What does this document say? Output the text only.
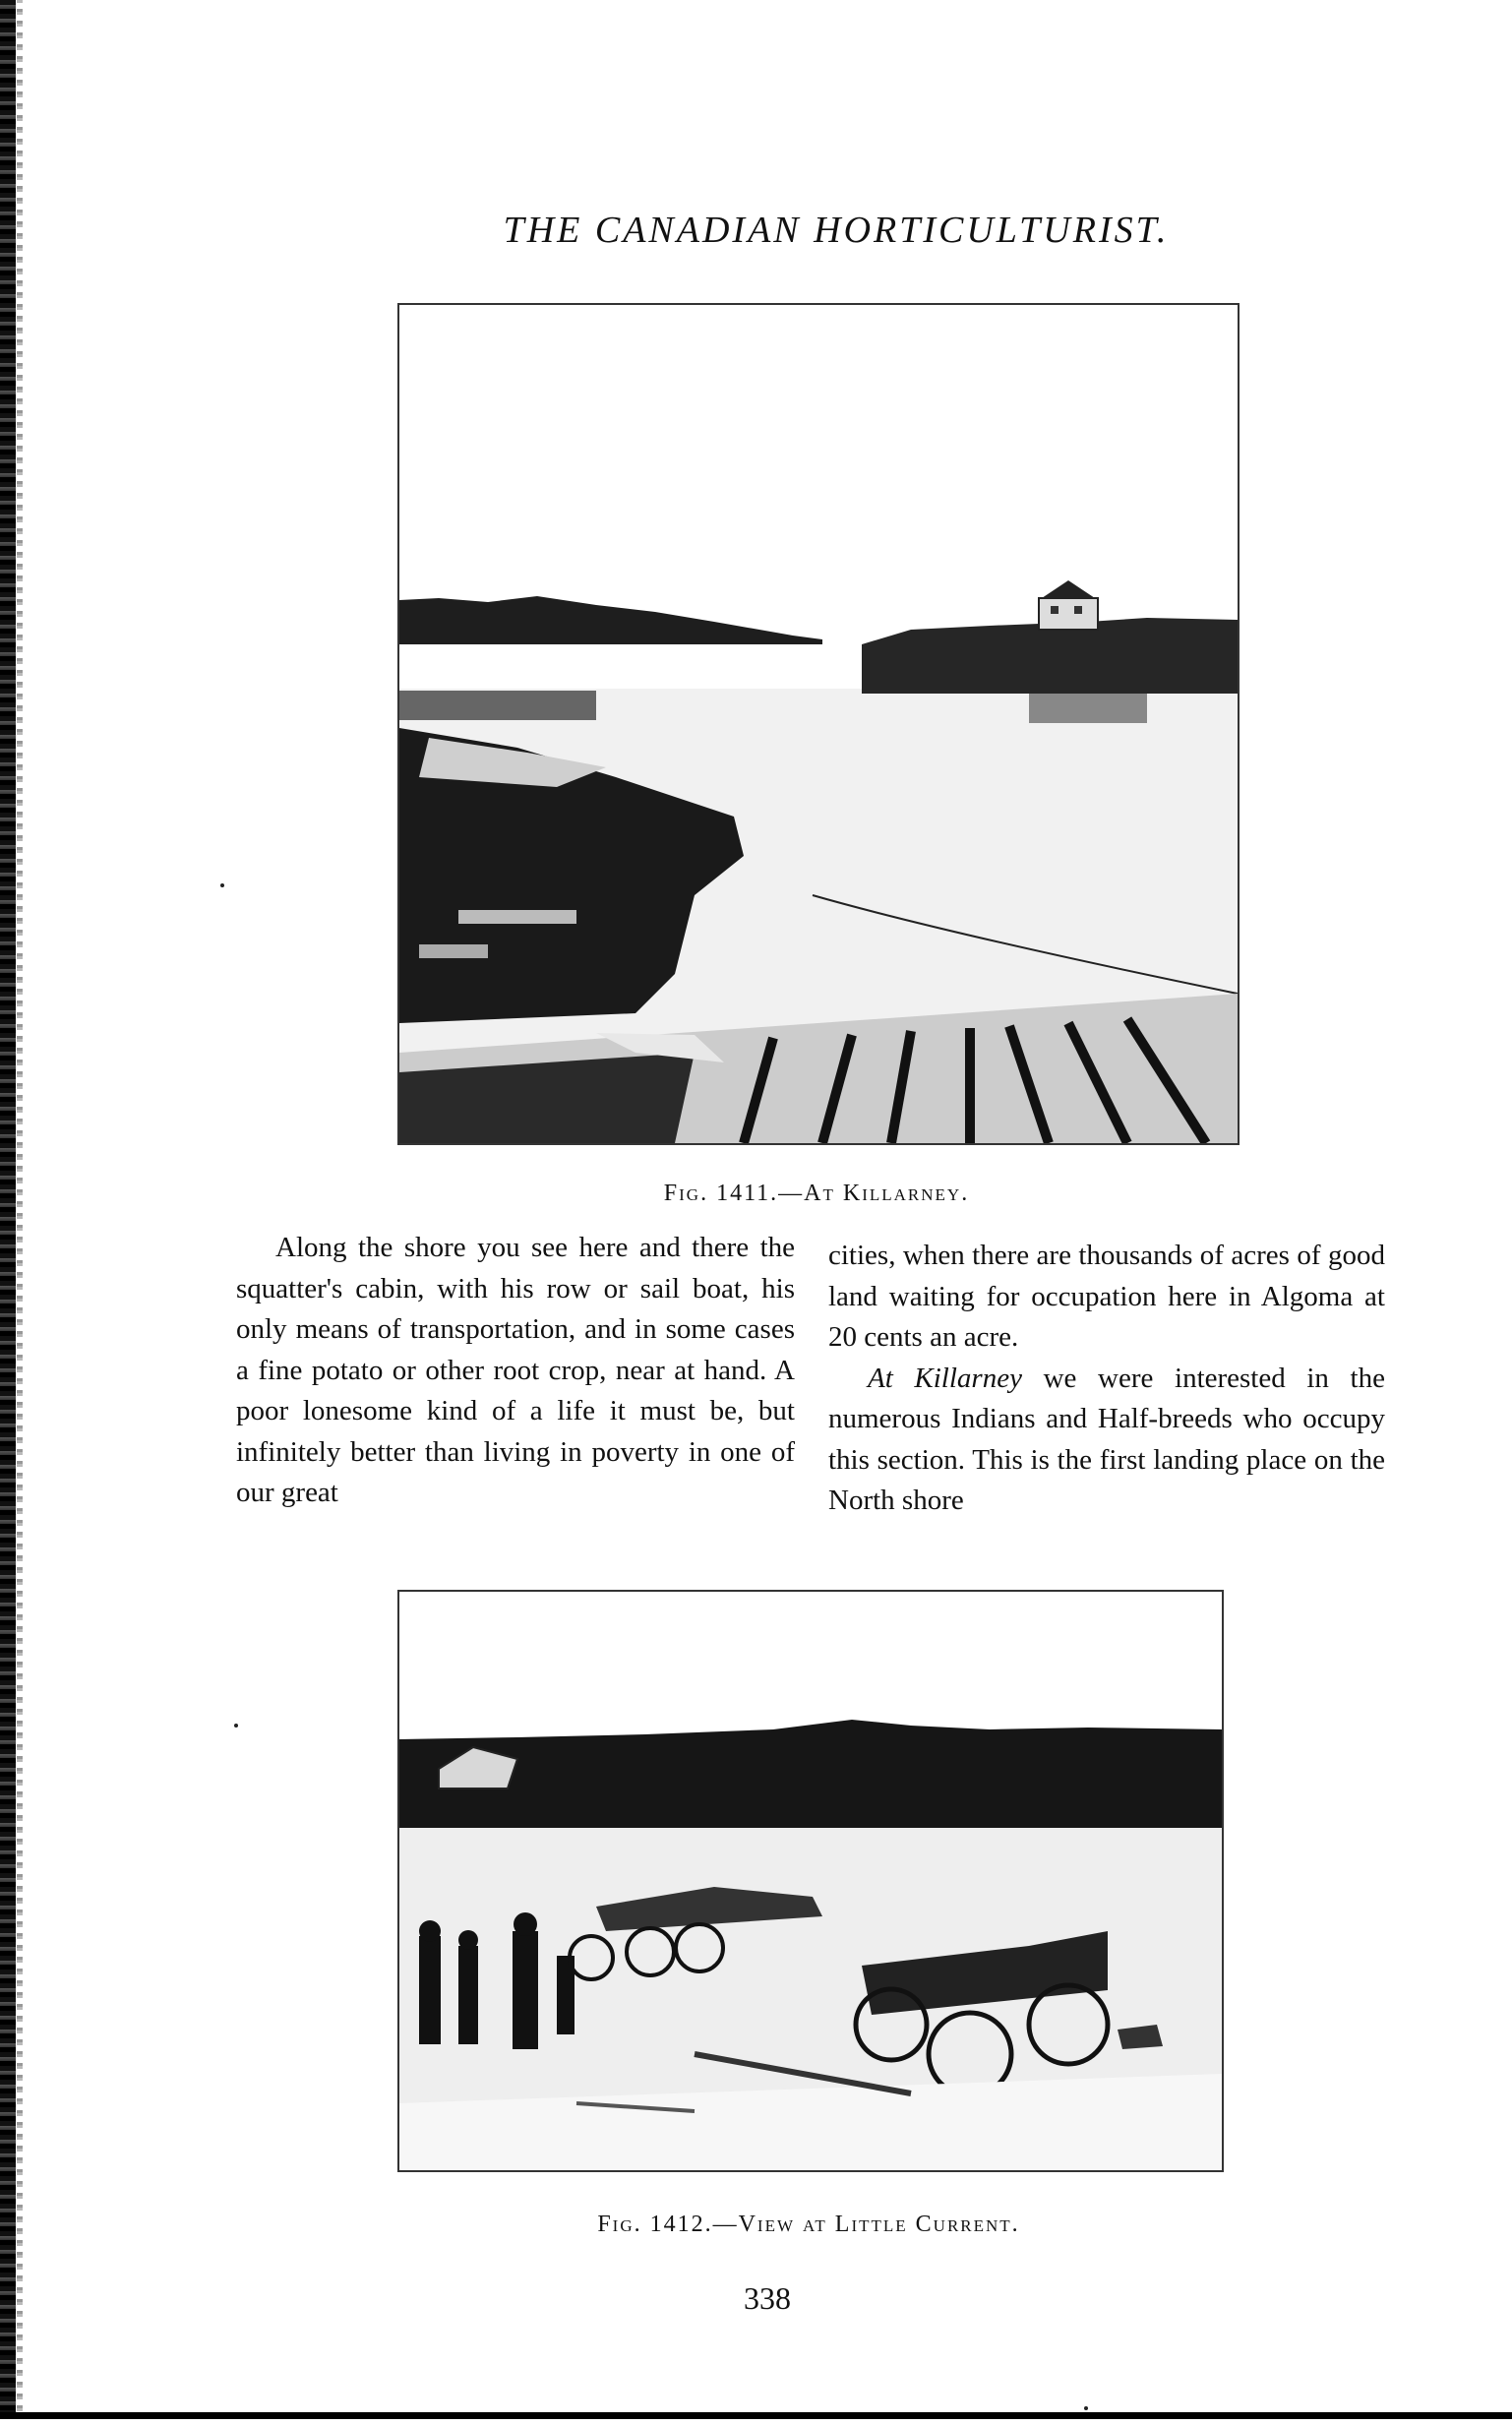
THE CANADIAN HORTICULTURIST.
Fig. 1411.—At Killarney.

Along the shore you see here and there the squatter's cabin, with his row or sail boat, his only means of transportation, and in some cases a fine potato or other root crop, near at hand. A poor lonesome kind of a life it must be, but infinitely better than living in poverty in one of our great

cities, when there are thousands of acres of good land waiting for occupation here in Algoma at 20 cents an acre.

At Killarney we were interested in the numerous Indians and Half-breeds who occupy this section. This is the first landing place on the North shore

Fig. 1412.—View at Little Current.
338
